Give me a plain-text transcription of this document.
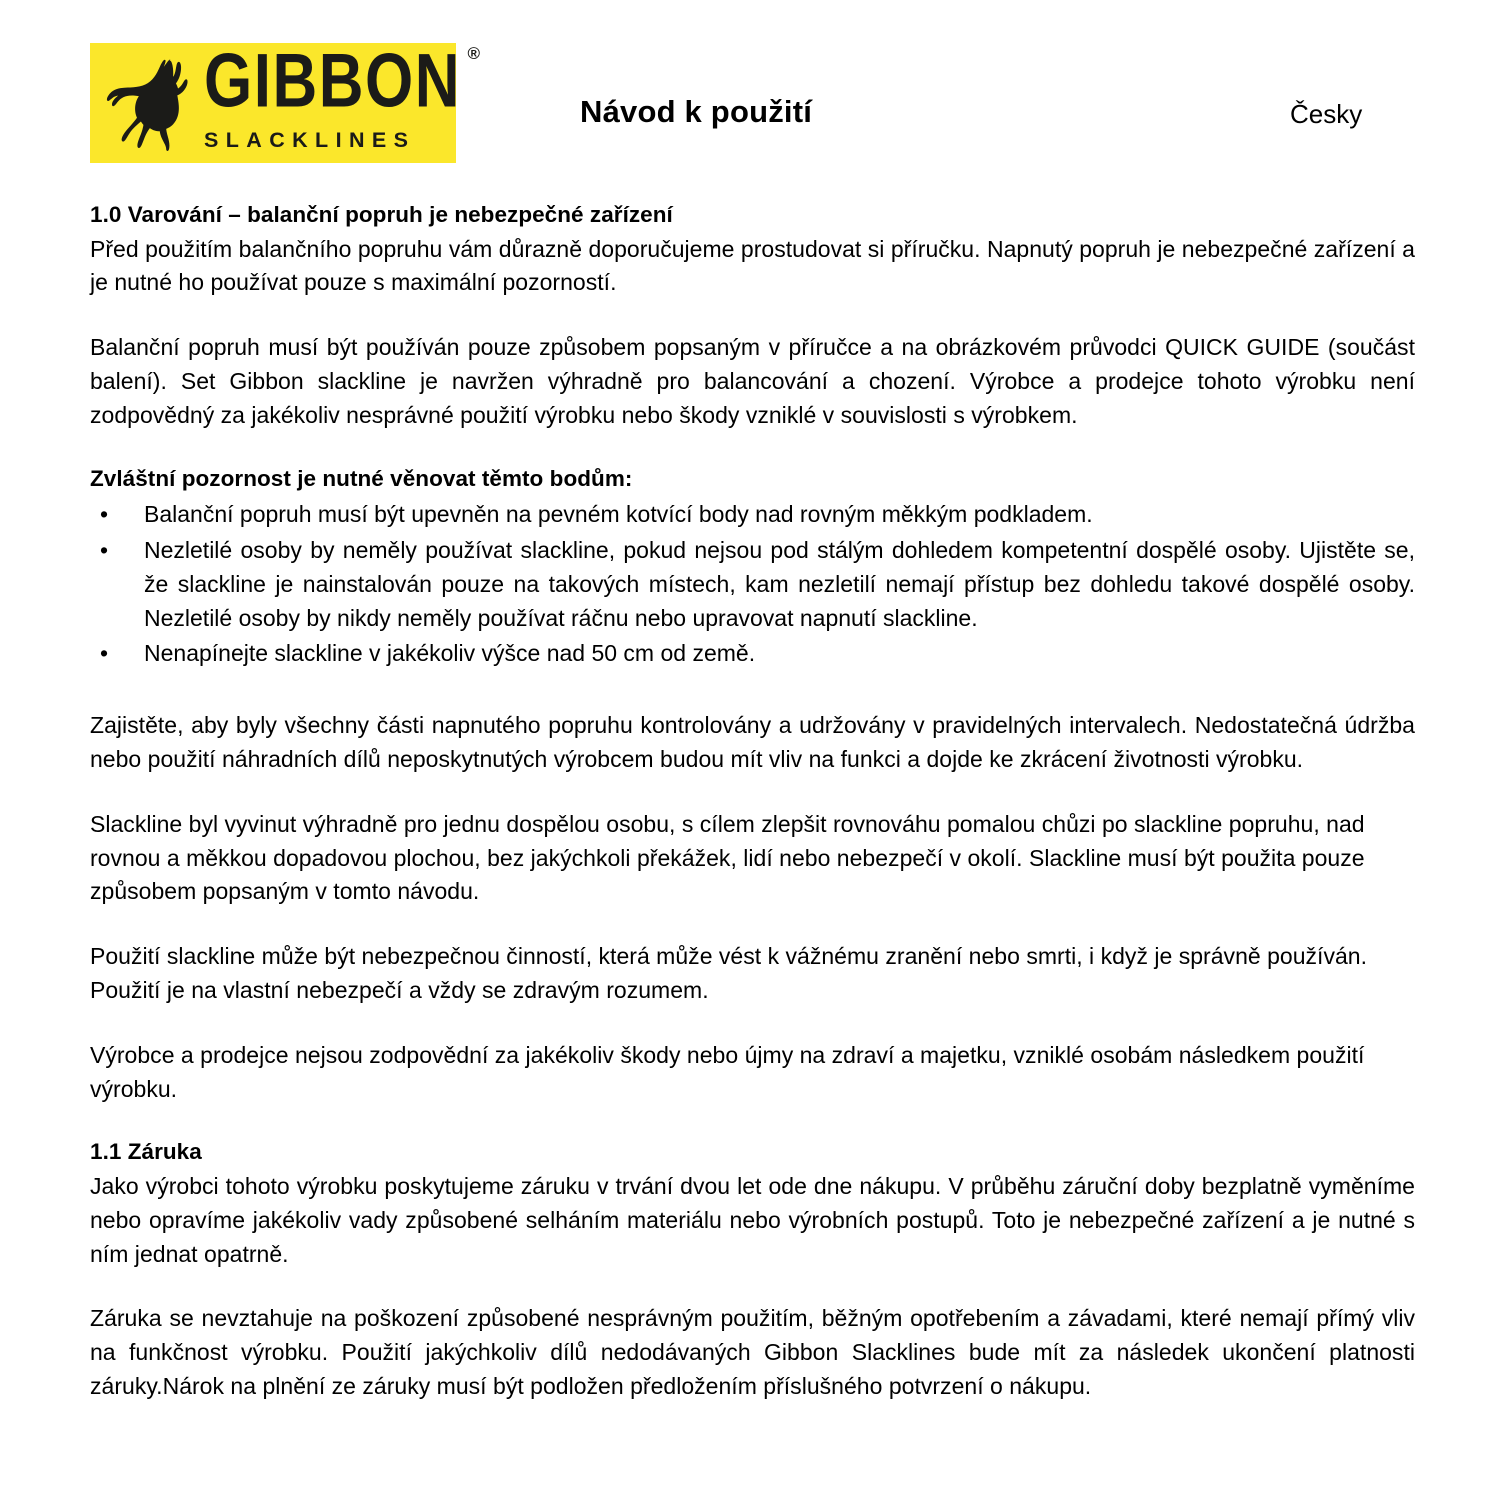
GIBBON ®
SLACKLINES
Návod k použití	Česky
1.0 Varování – balanční popruh je nebezpečné zařízení

Před použitím balančního popruhu vám důrazně doporučujeme prostudovat si příručku. Napnutý popruh je nebezpečné zařízení a je nutné ho používat pouze s maximální pozorností.

Balanční popruh musí být používán pouze způsobem popsaným v příručce a na obrázkovém průvodci QUICK GUIDE (součást balení). Set Gibbon slackline je navržen výhradně pro balancování a chození. Výrobce a prodejce tohoto výrobku není zodpovědný za jakékoliv nesprávné použití výrobku nebo škody vzniklé v souvislosti s výrobkem.

Zvláštní pozornost je nutné věnovat těmto bodům:
• Balanční popruh musí být upevněn na pevném kotvící body nad rovným měkkým podkladem.
• Nezletilé osoby by neměly používat slackline, pokud nejsou pod stálým dohledem kompetentní dospělé osoby. Ujistěte se, že slackline je nainstalován pouze na takových místech, kam nezletilí nemají přístup bez dohledu takové dospělé osoby. Nezletilé osoby by nikdy neměly používat ráčnu nebo upravovat napnutí slackline.
• Nenapínejte slackline v jakékoliv výšce nad 50 cm od země.

Zajistěte, aby byly všechny části napnutého popruhu kontrolovány a udržovány v pravidelných intervalech. Nedostatečná údržba nebo použití náhradních dílů neposkytnutých výrobcem budou mít vliv na funkci a dojde ke zkrácení životnosti výrobku.

Slackline byl vyvinut výhradně pro jednu dospělou osobu, s cílem zlepšit rovnováhu pomalou chůzi po slackline popruhu, nad rovnou a měkkou dopadovou plochou, bez jakýchkoli překážek, lidí nebo nebezpečí v okolí. Slackline musí být použita pouze způsobem popsaným v tomto návodu.

Použití slackline může být nebezpečnou činností, která může vést k vážnému zranění nebo smrti, i když je správně používán. Použití je na vlastní nebezpečí a vždy se zdravým rozumem.

Výrobce a prodejce nejsou zodpovědní za jakékoliv škody nebo újmy na zdraví a majetku, vzniklé osobám následkem použití výrobku.

1.1 Záruka

Jako výrobci tohoto výrobku poskytujeme záruku v trvání dvou let ode dne nákupu. V průběhu záruční doby bezplatně vyměníme nebo opravíme jakékoliv vady způsobené selháním materiálu nebo výrobních postupů. Toto je nebezpečné zařízení a je nutné s ním jednat opatrně.

Záruka se nevztahuje na poškození způsobené nesprávným použitím, běžným opotřebením a závadami, které nemají přímý vliv na funkčnost výrobku. Použití jakýchkoliv dílů nedodávaných Gibbon Slacklines bude mít za následek ukončení platnosti záruky.Nárok na plnění ze záruky musí být podložen předložením příslušného potvrzení o nákupu.
